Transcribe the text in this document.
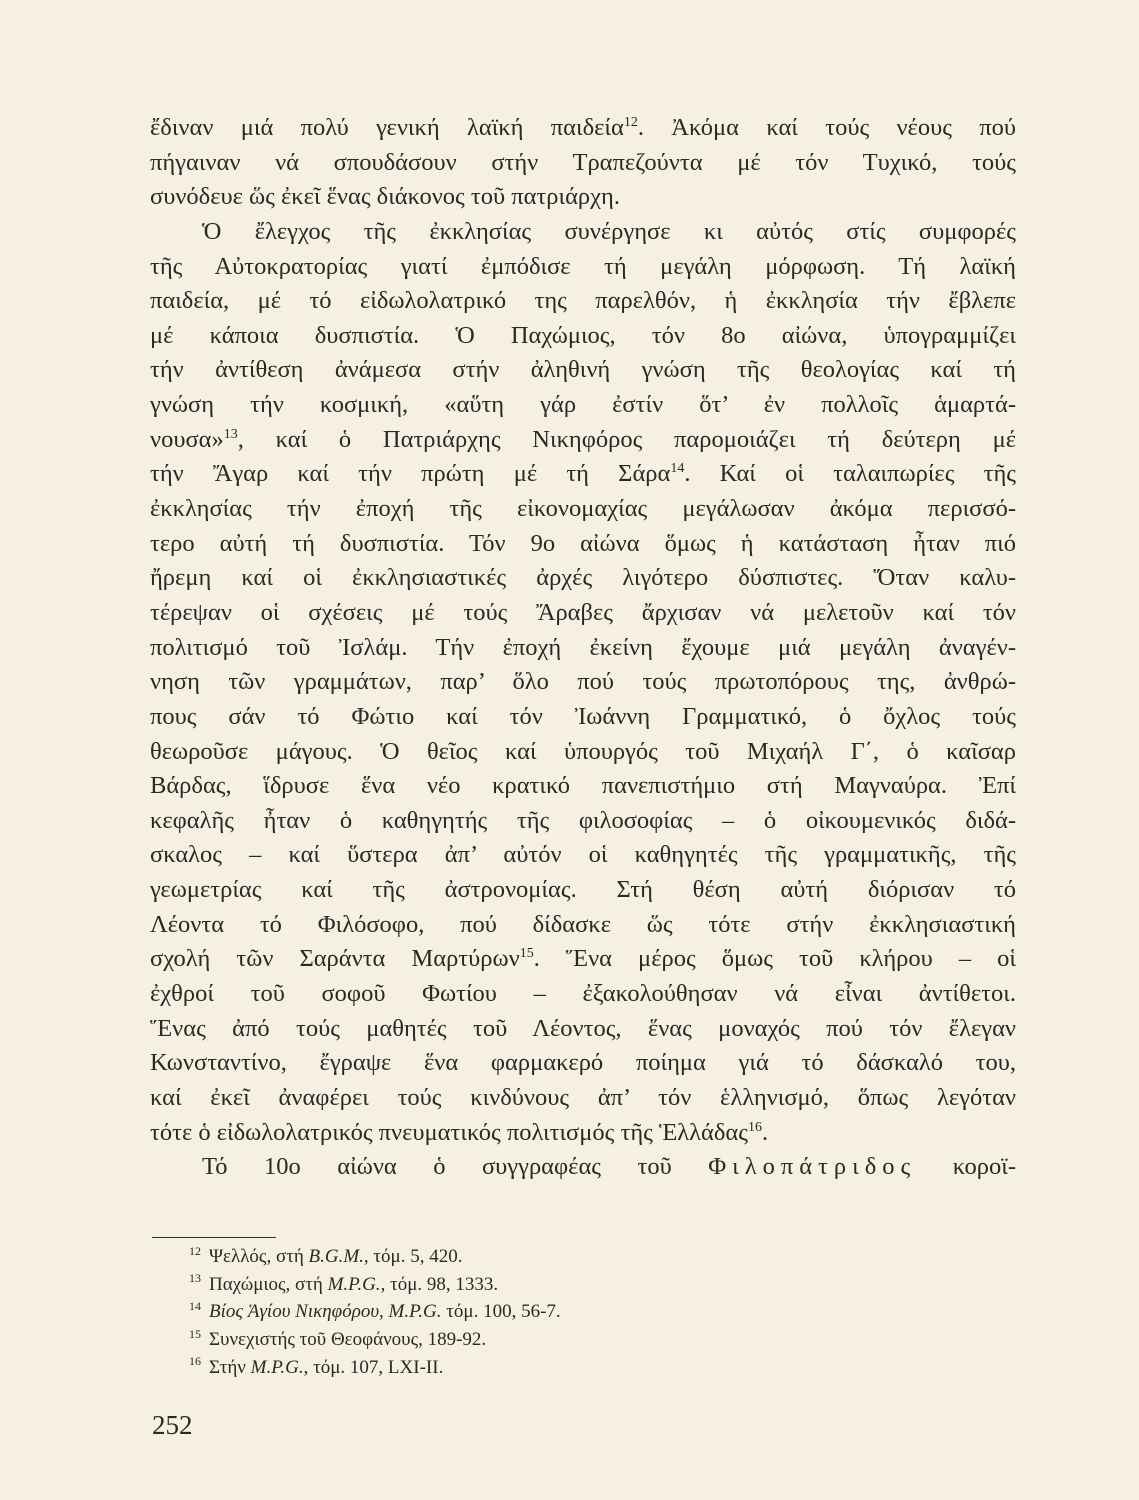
ἔδιναν μιά πολύ γενική λαϊκή παιδεία$^{12}$. Ἀκόμα καί τούς νέους πού
πήγαιναν νά σπουδάσουν στήν Τραπεζούντα μέ τόν Τυχικό, τούς
συνόδευε ὥς ἐκεῖ ἕνας διάκονος τοῦ πατριάρχη.
Ὁ ἔλεγχος τῆς ἐκκλησίας συνέργησε κι αὐτός στίς συμφορές
τῆς Αὐτοκρατορίας γιατί ἐμπόδισε τή μεγάλη μόρφωση. Τή λαϊκή
παιδεία, μέ τό εἰδωλολατρικό της παρελθόν, ἡ ἐκκλησία τήν ἔβλεπε
μέ κάποια δυσπιστία. Ὁ Παχώμιος, τόν 8ο αἰώνα, ὑπογραμμίζει
τήν ἀντίθεση ἀνάμεσα στήν ἀληθινή γνώση τῆς θεολογίας καί τή
γνώση τήν κοσμική, «αὕτη γάρ ἐστίν ὅτ’ ἐν πολλοῖς ἁμαρτά-
νουσα»$^{13}$, καί ὁ Πατριάρχης Νικηφόρος παρομοιάζει τή δεύτερη μέ
τήν Ἄγαρ καί τήν πρώτη μέ τή Σάρα$^{14}$. Καί οἱ ταλαιπωρίες τῆς
ἐκκλησίας τήν ἐποχή τῆς εἰκονομαχίας μεγάλωσαν ἀκόμα περισσό-
τερο αὐτή τή δυσπιστία. Τόν 9ο αἰώνα ὅμως ἡ κατάσταση ἦταν πιό
ἤρεμη καί οἱ ἐκκλησιαστικές ἀρχές λιγότερο δύσπιστες. Ὅταν καλυ-
τέρεψαν οἱ σχέσεις μέ τούς Ἄραβες ἄρχισαν νά μελετοῦν καί τόν
πολιτισμό τοῦ Ἰσλάμ. Τήν ἐποχή ἐκείνη ἔχουμε μιά μεγάλη ἀναγέν-
νηση τῶν γραμμάτων, παρ’ ὅλο πού τούς πρωτοπόρους της, ἀνθρώ-
πους σάν τό Φώτιο καί τόν Ἰωάννη Γραμματικό, ὁ ὄχλος τούς
θεωροῦσε μάγους. Ὁ θεῖος καί ὑπουργός τοῦ Μιχαήλ Γ΄, ὁ καῖσαρ
Βάρδας, ἵδρυσε ἕνα νέο κρατικό πανεπιστήμιο στή Μαγναύρα. Ἐπί
κεφαλῆς ἦταν ὁ καθηγητής τῆς φιλοσοφίας – ὁ οἰκουμενικός διδά-
σκαλος – καί ὕστερα ἀπ’ αὐτόν οἱ καθηγητές τῆς γραμματικῆς, τῆς
γεωμετρίας καί τῆς ἀστρονομίας. Στή θέση αὐτή διόρισαν τό
Λέοντα τό Φιλόσοφο, πού δίδασκε ὥς τότε στήν ἐκκλησιαστική
σχολή τῶν Σαράντα Μαρτύρων$^{15}$. Ἕνα μέρος ὅμως τοῦ κλήρου – οἱ
ἐχθροί τοῦ σοφοῦ Φωτίου – ἐξακολούθησαν νά εἶναι ἀντίθετοι.
Ἕνας ἀπό τούς μαθητές τοῦ Λέοντος, ἕνας μοναχός πού τόν ἔλεγαν
Κωνσταντίνο, ἔγραψε ἕνα φαρμακερό ποίημα γιά τό δάσκαλό του,
καί ἐκεῖ ἀναφέρει τούς κινδύνους ἀπ’ τόν ἑλληνισμό, ὅπως λεγόταν
τότε ὁ εἰδωλολατρικός πνευματικός πολιτισμός τῆς Ἑλλάδας$^{16}$.
Τό 10ο αἰώνα ὁ συγγραφέας τοῦ Φιλοπάτριδος κοροϊ-
$^{12}$ Ψελλός, στή B.G.M., τόμ. 5, 420.
$^{13}$ Παχώμιος, στή M.P.G., τόμ. 98, 1333.
$^{14}$ Βίος Ἁγίου Νικηφόρου, M.P.G. τόμ. 100, 56-7.
$^{15}$ Συνεχιστής τοῦ Θεοφάνους, 189-92.
$^{16}$ Στήν M.P.G., τόμ. 107, LXI-II.
252
